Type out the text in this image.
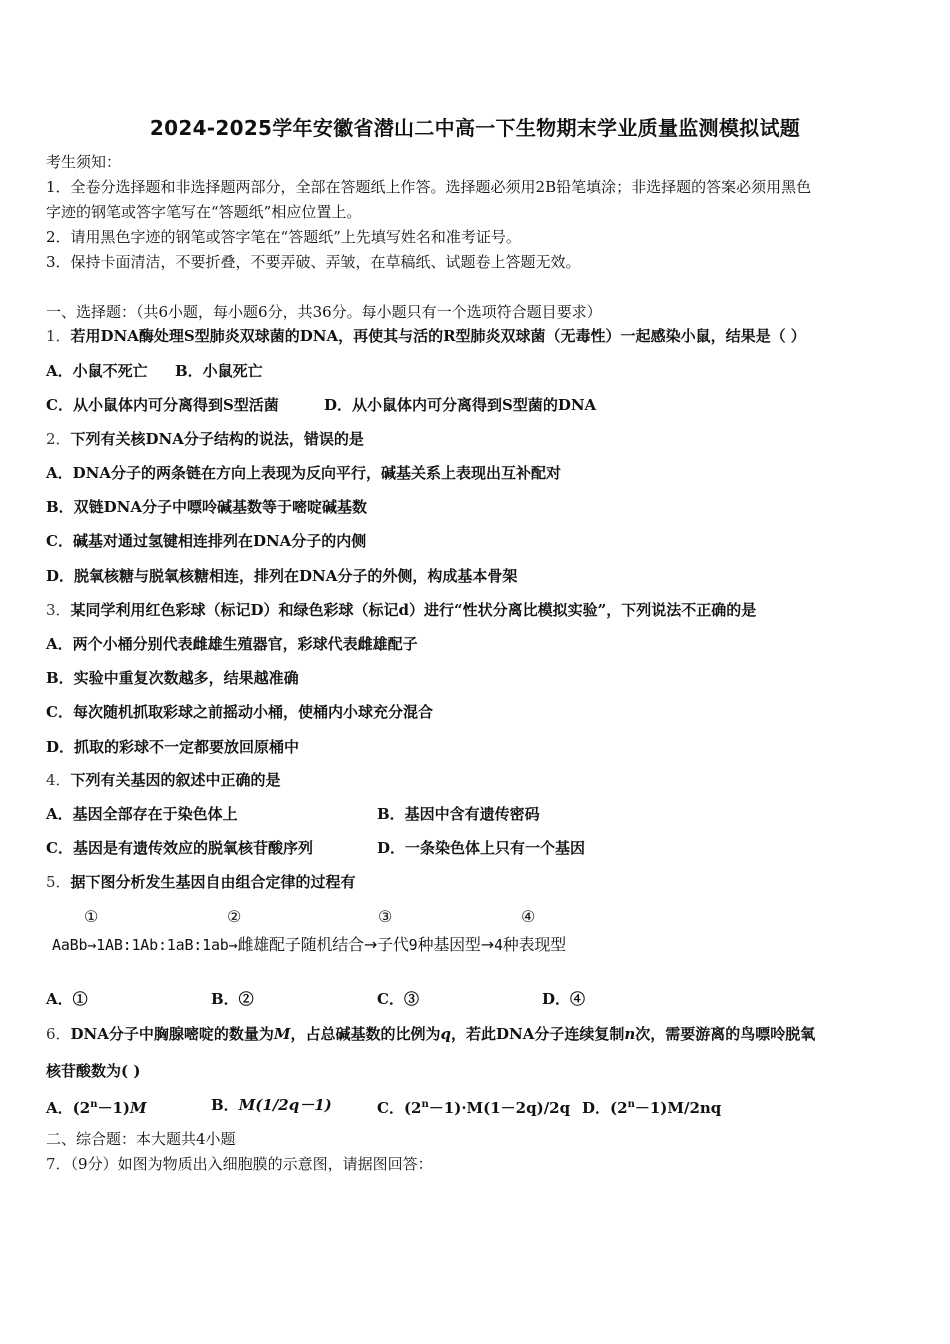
2024-2025学年安徽省潜山二中高一下生物期末学业质量监测模拟试题
考生须知：
1．全卷分选择题和非选择题两部分，全部在答题纸上作答。选择题必须用2B铅笔填涂；非选择题的答案必须用黑色
字迹的钢笔或答字笔写在“答题纸”相应位置上。
2．请用黑色字迹的钢笔或答字笔在“答题纸”上先填写姓名和准考证号。
3．保持卡面清洁，不要折叠，不要弄破、弄皱，在草稿纸、试题卷上答题无效。
一、选择题：（共6小题，每小题6分，共36分。每小题只有一个选项符合题目要求）
1．若用DNA酶处理S型肺炎双球菌的DNA，再使其与活的R型肺炎双球菌（无毒性）一起感染小鼠，结果是（ ）
A．小鼠不死亡 B．小鼠死亡
C．从小鼠体内可分离得到S型活菌	D．从小鼠体内可分离得到S型菌的DNA
2．下列有关核DNA分子结构的说法，错误的是
A．DNA分子的两条链在方向上表现为反向平行，碱基关系上表现出互补配对
B．双链DNA分子中嘌呤碱基数等于嘧啶碱基数
C．碱基对通过氢键相连排列在DNA分子的内侧
D．脱氧核糖与脱氧核糖相连，排列在DNA分子的外侧，构成基本骨架
3．某同学利用红色彩球（标记D）和绿色彩球（标记d）进行“性状分离比模拟实验”，下列说法不正确的是
A．两个小桶分别代表雌雄生殖器官，彩球代表雌雄配子
B．实验中重复次数越多，结果越准确
C．每次随机抓取彩球之前摇动小桶，使桶内小球充分混合
D．抓取的彩球不一定都要放回原桶中
4．下列有关基因的叙述中正确的是
A．基因全部存在于染色体上	B．基因中含有遗传密码
C．基因是有遗传效应的脱氧核苷酸序列	D．一条染色体上只有一个基因
5．据下图分析发生基因自由组合定律的过程有
①	②	③	④
AaBb→1AB:1Ab:1aB:1ab→雌雄配子随机结合→子代9种基因型→4种表现型
A．①	B．②	C．③	D．④
6．DNA分子中胸腺嘧啶的数量为M，占总碱基数的比例为q，若此DNA分子连续复制n次，需要游离的鸟嘌呤脱氧
核苷酸数为( )
A．$(2^n-1)M$	B．M(1/2q－1)	C．$(2^n-1)\cdot M(1-2q)/2q$ D．$(2^n-1)M/2nq$
二、综合题：本大题共4小题
7．（9分）如图为物质出入细胞膜的示意图，请据图回答：
